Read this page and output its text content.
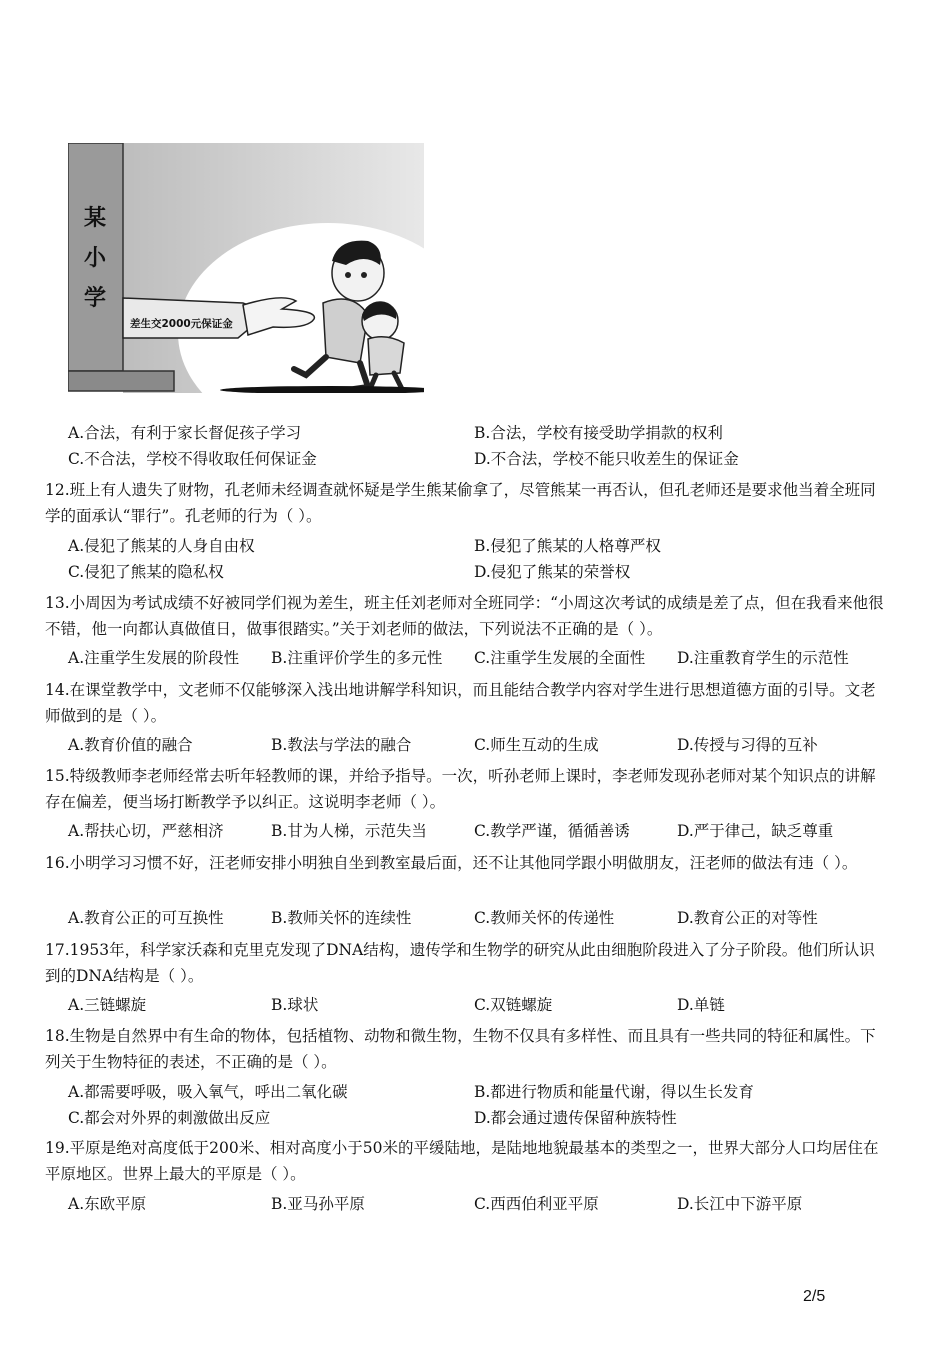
某
小
学
差生交2000元保证金
A.合法，有利于家长督促孩子学习	B.合法，学校有接受助学捐款的权利
C.不合法，学校不得收取任何保证金	D.不合法，学校不能只收差生的保证金
12.班上有人遗失了财物，孔老师未经调查就怀疑是学生熊某偷拿了，尽管熊某一再否认，但孔老师还是要求他当着全班同学的面承认“罪行”。孔老师的行为（ ）。
A.侵犯了熊某的人身自由权	B.侵犯了熊某的人格尊严权
C.侵犯了熊某的隐私权	D.侵犯了熊某的荣誉权
13.小周因为考试成绩不好被同学们视为差生，班主任刘老师对全班同学：“小周这次考试的成绩是差了点，但在我看来他很不错，他一向都认真做值日，做事很踏实。”关于刘老师的做法，下列说法不正确的是（ ）。
A.注重学生发展的阶段性	B.注重评价学生的多元性	C.注重学生发展的全面性	D.注重教育学生的示范性
14.在课堂教学中，文老师不仅能够深入浅出地讲解学科知识，而且能结合教学内容对学生进行思想道德方面的引导。文老师做到的是（ ）。
A.教育价值的融合	B.教法与学法的融合	C.师生互动的生成	D.传授与习得的互补
15.特级教师李老师经常去听年轻教师的课，并给予指导。一次，听孙老师上课时，李老师发现孙老师对某个知识点的讲解存在偏差，便当场打断教学予以纠正。这说明李老师（ ）。
A.帮扶心切，严慈相济	B.甘为人梯，示范失当	C.教学严谨，循循善诱	D.严于律己，缺乏尊重
16.小明学习习惯不好，汪老师安排小明独自坐到教室最后面，还不让其他同学跟小明做朋友，汪老师的做法有违（ ）。
A.教育公正的可互换性	B.教师关怀的连续性	C.教师关怀的传递性	D.教育公正的对等性
17.1953年，科学家沃森和克里克发现了DNA结构，遗传学和生物学的研究从此由细胞阶段进入了分子阶段。他们所认识到的DNA结构是（ ）。
A.三链螺旋	B.球状	C.双链螺旋	D.单链
18.生物是自然界中有生命的物体，包括植物、动物和微生物，生物不仅具有多样性、而且具有一些共同的特征和属性。下列关于生物特征的表述，不正确的是（ ）。
A.都需要呼吸，吸入氧气，呼出二氧化碳	B.都进行物质和能量代谢，得以生长发育
C.都会对外界的刺激做出反应	D.都会通过遗传保留种族特性
19.平原是绝对高度低于200米、相对高度小于50米的平缓陆地，是陆地地貌最基本的类型之一，世界大部分人口均居住在平原地区。世界上最大的平原是（ ）。
A.东欧平原	B.亚马孙平原	C.西西伯利亚平原	D.长江中下游平原
2/5
